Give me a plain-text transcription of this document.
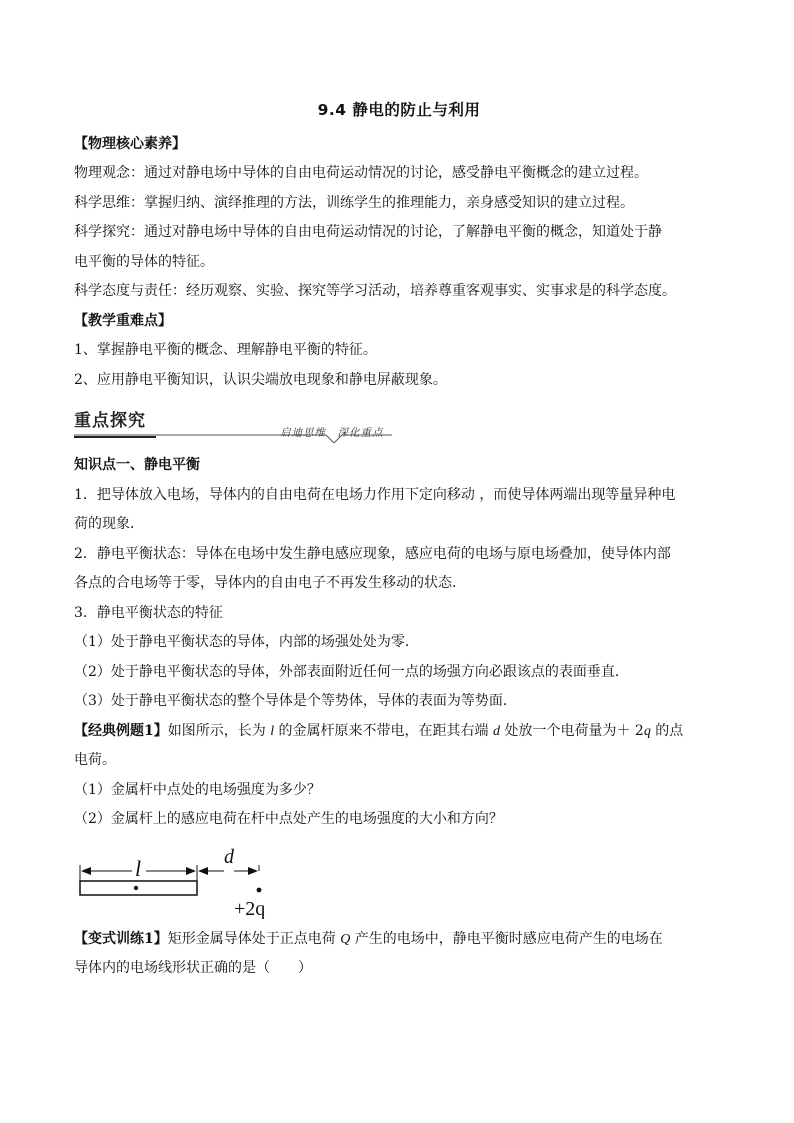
9.4 静电的防止与利用

【物理核心素养】

物理观念：通过对静电场中导体的自由电荷运动情况的讨论，感受静电平衡概念的建立过程。

科学思维：掌握归纳、演绎推理的方法，训练学生的推理能力，亲身感受知识的建立过程。

科学探究：通过对静电场中导体的自由电荷运动情况的讨论，了解静电平衡的概念，知道处于静

电平衡的导体的特征。

科学态度与责任：经历观察、实验、探究等学习活动，培养尊重客观事实、实事求是的科学态度。

【教学重难点】

1、掌握静电平衡的概念、理解静电平衡的特征。

2、应用静电平衡知识，认识尖端放电现象和静电屏蔽现象。

重点探究
启迪思维　深化重点

知识点一、静电平衡

1．把导体放入电场，导体内的自由电荷在电场力作用下定向移动 ，而使导体两端出现等量异种电

荷的现象．

2．静电平衡状态：导体在电场中发生静电感应现象，感应电荷的电场与原电场叠加，使导体内部

各点的合电场等于零，导体内的自由电子不再发生移动的状态．

3．静电平衡状态的特征

（1）处于静电平衡状态的导体，内部的场强处处为零．

（2）处于静电平衡状态的导体，外部表面附近任何一点的场强方向必跟该点的表面垂直．

（3）处于静电平衡状态的整个导体是个等势体，导体的表面为等势面．

【经典例题1】如图所示，长为 l 的金属杆原来不带电，在距其右端 d 处放一个电荷量为＋ 2q 的点

电荷。

（1）金属杆中点处的电场强度为多少？

（2）金属杆上的感应电荷在杆中点处产生的电场强度的大小和方向？

l	d
+2q

【变式训练1】矩形金属导体处于正点电荷 Q 产生的电场中，静电平衡时感应电荷产生的电场在

导体内的电场线形状正确的是（　　）
